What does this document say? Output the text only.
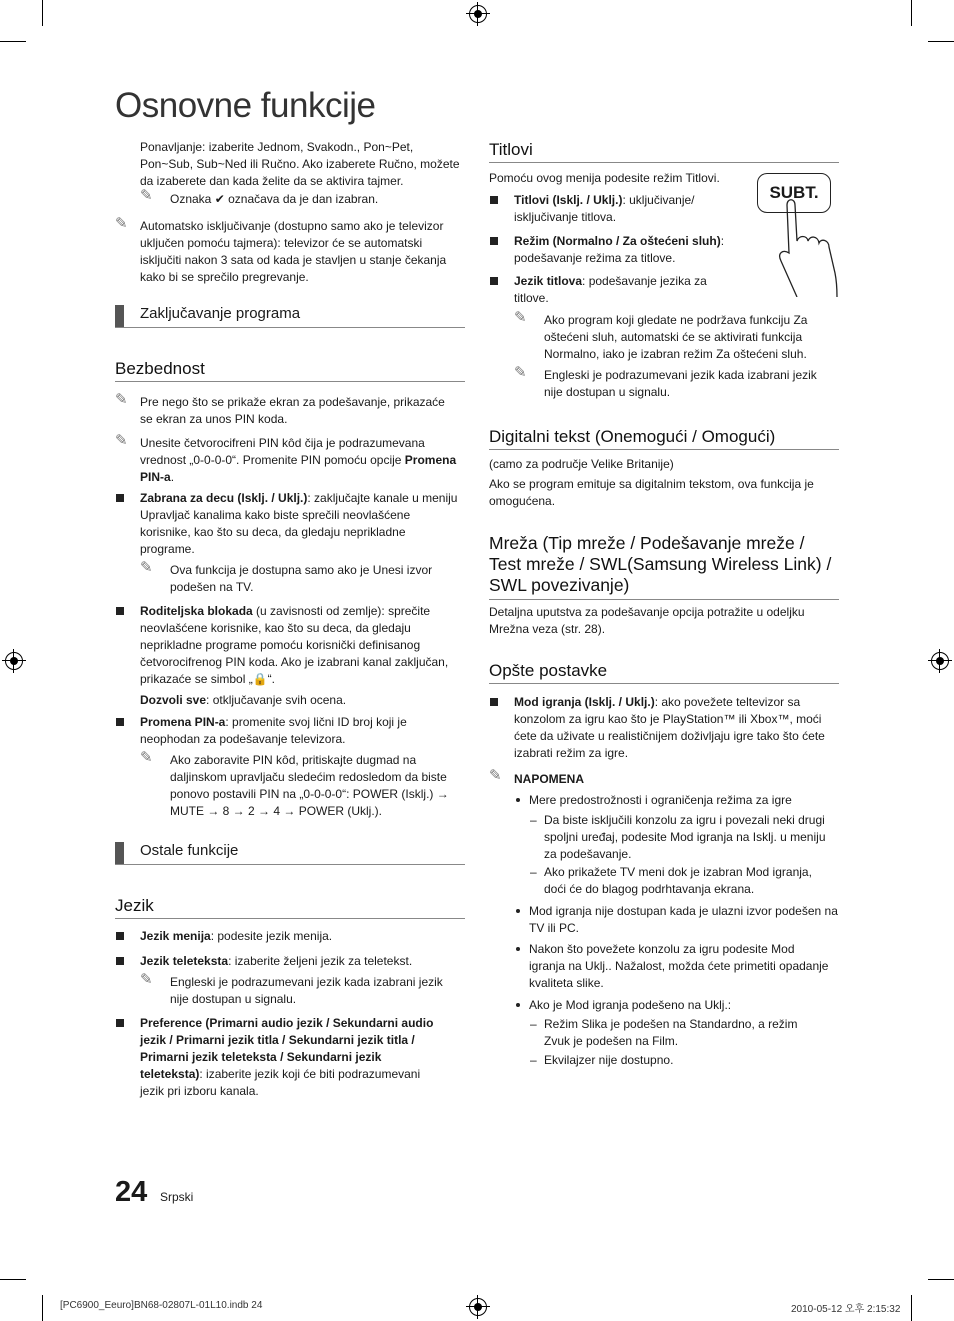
Osnovne funkcije
Ponavljanje: izaberite Jednom, Svakodn., Pon~Pet, Pon~Sub, Sub~Ned ili Ručno. Ako izaberete Ručno, možete da izaberete dan kada želite da se aktivira tajmer.
✎ Oznaka ✔ označava da je dan izabran.
✎ Automatsko isključivanje (dostupno samo ako je televizor uključen pomoću tajmera): televizor će se automatski isključiti nakon 3 sata od kada je stavljen u stanje čekanja kako bi se sprečilo pregrevanje.
Zaključavanje programa
Bezbednost
✎ Pre nego što se prikaže ekran za podešavanje, prikazaće se ekran za unos PIN koda.
✎ Unesite četvorocifreni PIN kôd čija je podrazumevana vrednost „0-0-0-0“. Promenite PIN pomoću opcije Promena PIN-a.
Zabrana za decu (Isklj. / Uklj.): zaključajte kanale u meniju Upravljač kanalima kako biste sprečili neovlašćene korisnike, kao što su deca, da gledaju neprikladne programe.
✎ Ova funkcija je dostupna samo ako je Unesi izvor podešen na TV.
Roditeljska blokada (u zavisnosti od zemlje): sprečite neovlašćene korisnike, kao što su deca, da gledaju neprikladne programe pomoću korisnički definisanog četvorocifrenog PIN koda. Ako je izabrani kanal zaključan, prikazaće se simbol „🔒“.
Dozvoli sve: otključavanje svih ocena.
Promena PIN-a: promenite svoj lični ID broj koji je neophodan za podešavanje televizora.
✎ Ako zaboravite PIN kôd, pritiskajte dugmad na daljinskom upravljaču sledećim redosledom da biste ponovo postavili PIN na „0-0-0-0“: POWER (Isklj.) → MUTE → 8 → 2 → 4 → POWER (Uklj.).
Ostale funkcije
Jezik
Jezik menija: podesite jezik menija.
Jezik teleteksta: izaberite željeni jezik za teletekst.
✎ Engleski je podrazumevani jezik kada izabrani jezik nije dostupan u signalu.
Preference (Primarni audio jezik / Sekundarni audio jezik / Primarni jezik titla / Sekundarni jezik titla / Primarni jezik teleteksta / Sekundarni jezik teleteksta): izaberite jezik koji će biti podrazumevani jezik pri izboru kanala.
Titlovi
Pomoću ovog menija podesite režim Titlovi.
SUBT.
Titlovi (Isklj. / Uklj.): uključivanje/ isključivanje titlova.
Režim (Normalno / Za oštećeni sluh): podešavanje režima za titlove.
Jezik titlova: podešavanje jezika za titlove.
✎ Ako program koji gledate ne podržava funkciju Za oštećeni sluh, automatski će se aktivirati funkcija Normalno, iako je izabran režim Za oštećeni sluh.
✎ Engleski je podrazumevani jezik kada izabrani jezik nije dostupan u signalu.
Digitalni tekst (Onemogući / Omogući)
(camo za područje Velike Britanije)
Ako se program emituje sa digitalnim tekstom, ova funkcija je omogućena.
Mreža (Tip mreže / Podešavanje mreže / Test mreže / SWL(Samsung Wireless Link) / SWL povezivanje)
Detaljna uputstva za podešavanje opcija potražite u odeljku Mrežna veza (str. 28).
Opšte postavke
Mod igranja (Isklj. / Uklj.): ako povežete teltevizor sa konzolom za igru kao što je PlayStation™ ili Xbox™, moći ćete da uživate u realističnijem doživljaju igre tako što ćete izabrati režim za igre.
✎ NAPOMENA
Mere predostrožnosti i ograničenja režima za igre
– Da biste isključili konzolu za igru i povezali neki drugi spoljni uređaj, podesite Mod igranja na Isklj. u meniju za podešavanje.
– Ako prikažete TV meni dok je izabran Mod igranja, doći će do blagog podrhtavanja ekrana.
Mod igranja nije dostupan kada je ulazni izvor podešen na TV ili PC.
Nakon što povežete konzolu za igru podesite Mod igranja na Uklj.. Nažalost, možda ćete primetiti opadanje kvaliteta slike.
Ako je Mod igranja podešeno na Uklj.:
– Režim Slika je podešen na Standardno, a režim Zvuk je podešen na Film.
– Ekvilajzer nije dostupno.
24 Srpski
[PC6900_Eeuro]BN68-02807L-01L10.indb 24	2010-05-12 오후 2:15:32
